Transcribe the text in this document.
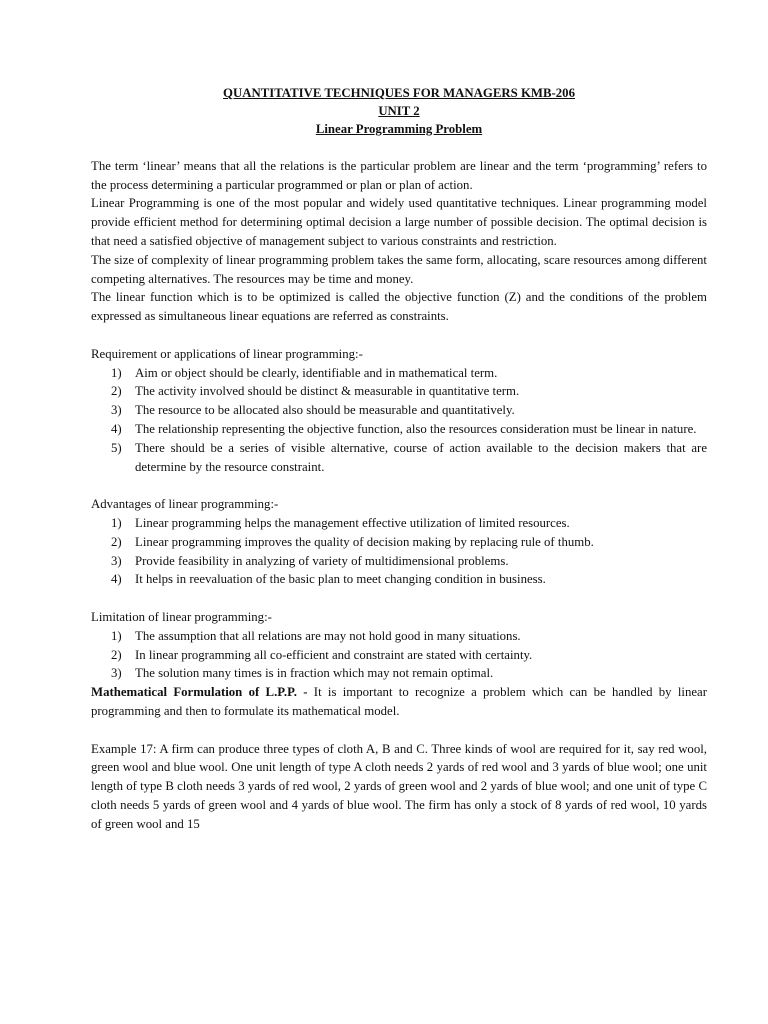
QUANTITATIVE TECHNIQUES FOR MANAGERS KMB-206
UNIT 2
Linear Programming Problem

The term ‘linear’ means that all the relations is the particular problem are linear and the term ‘programming’ refers to the process determining a particular programmed or plan or plan of action.

Linear Programming is one of the most popular and widely used quantitative techniques. Linear programming model provide efficient method for determining optimal decision a large number of possible decision. The optimal decision is that need a satisfied objective of management subject to various constraints and restriction.

The size of complexity of linear programming problem takes the same form, allocating, scare resources among different competing alternatives. The resources may be time and money.

The linear function which is to be optimized is called the objective function (Z) and the conditions of the problem expressed as simultaneous linear equations are referred as constraints.

Requirement or applications of linear programming:-

1) Aim or object should be clearly, identifiable and in mathematical term.
2) The activity involved should be distinct & measurable in quantitative term.
3) The resource to be allocated also should be measurable and quantitatively.
4) The relationship representing the objective function, also the resources consideration must be linear in nature.
5) There should be a series of visible alternative, course of action available to the decision makers that are determine by the resource constraint.

Advantages of linear programming:-

1) Linear programming helps the management effective utilization of limited resources.
2) Linear programming improves the quality of decision making by replacing rule of thumb.
3) Provide feasibility in analyzing of variety of multidimensional problems.
4) It helps in reevaluation of the basic plan to meet changing condition in business.

Limitation of linear programming:-

1) The assumption that all relations are may not hold good in many situations.
2) In linear programming all co-efficient and constraint are stated with certainty.
3) The solution many times is in fraction which may not remain optimal.

Mathematical Formulation of L.P.P. - It is important to recognize a problem which can be handled by linear programming and then to formulate its mathematical model.

Example 17: A firm can produce three types of cloth A, B and C. Three kinds of wool are required for it, say red wool, green wool and blue wool. One unit length of type A cloth needs 2 yards of red wool and 3 yards of blue wool; one unit length of type B cloth needs 3 yards of red wool, 2 yards of green wool and 2 yards of blue wool; and one unit of type C cloth needs 5 yards of green wool and 4 yards of blue wool. The firm has only a stock of 8 yards of red wool, 10 yards of green wool and 15
